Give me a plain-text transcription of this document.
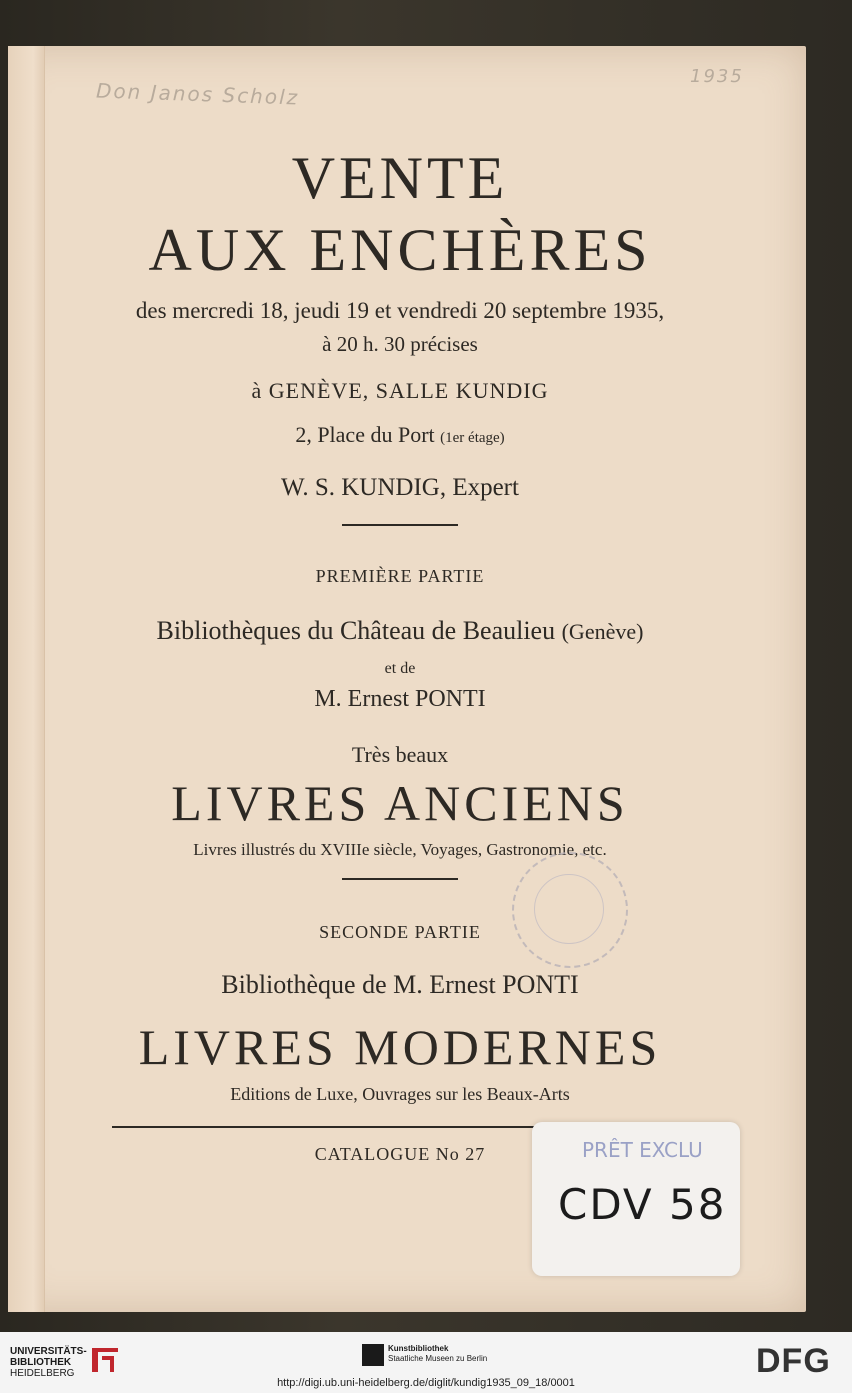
Don Janos Scholz
1935

VENTE

AUX ENCHÈRES

des mercredi 18, jeudi 19 et vendredi 20 septembre 1935,

à 20 h. 30 précises

à GENÈVE, SALLE KUNDIG

2, Place du Port (1er étage)

W. S. KUNDIG, Expert

PREMIÈRE PARTIE

Bibliothèques du Château de Beaulieu (Genève)

et de

M. Ernest PONTI

Très beaux

LIVRES ANCIENS

Livres illustrés du XVIIIe siècle, Voyages, Gastronomie, etc.

SECONDE PARTIE

Bibliothèque de M. Ernest PONTI

LIVRES MODERNES

Editions de Luxe, Ouvrages sur les Beaux-Arts

CATALOGUE No 27	PRÊT EXCLU
CDV 58
UNIVERSITÄTS-
BIBLIOTHEK
HEIDELBERG
Kunstbibliothek
Staatliche Museen zu Berlin	DFG
http://digi.ub.uni-heidelberg.de/diglit/kundig1935_09_18/0001
